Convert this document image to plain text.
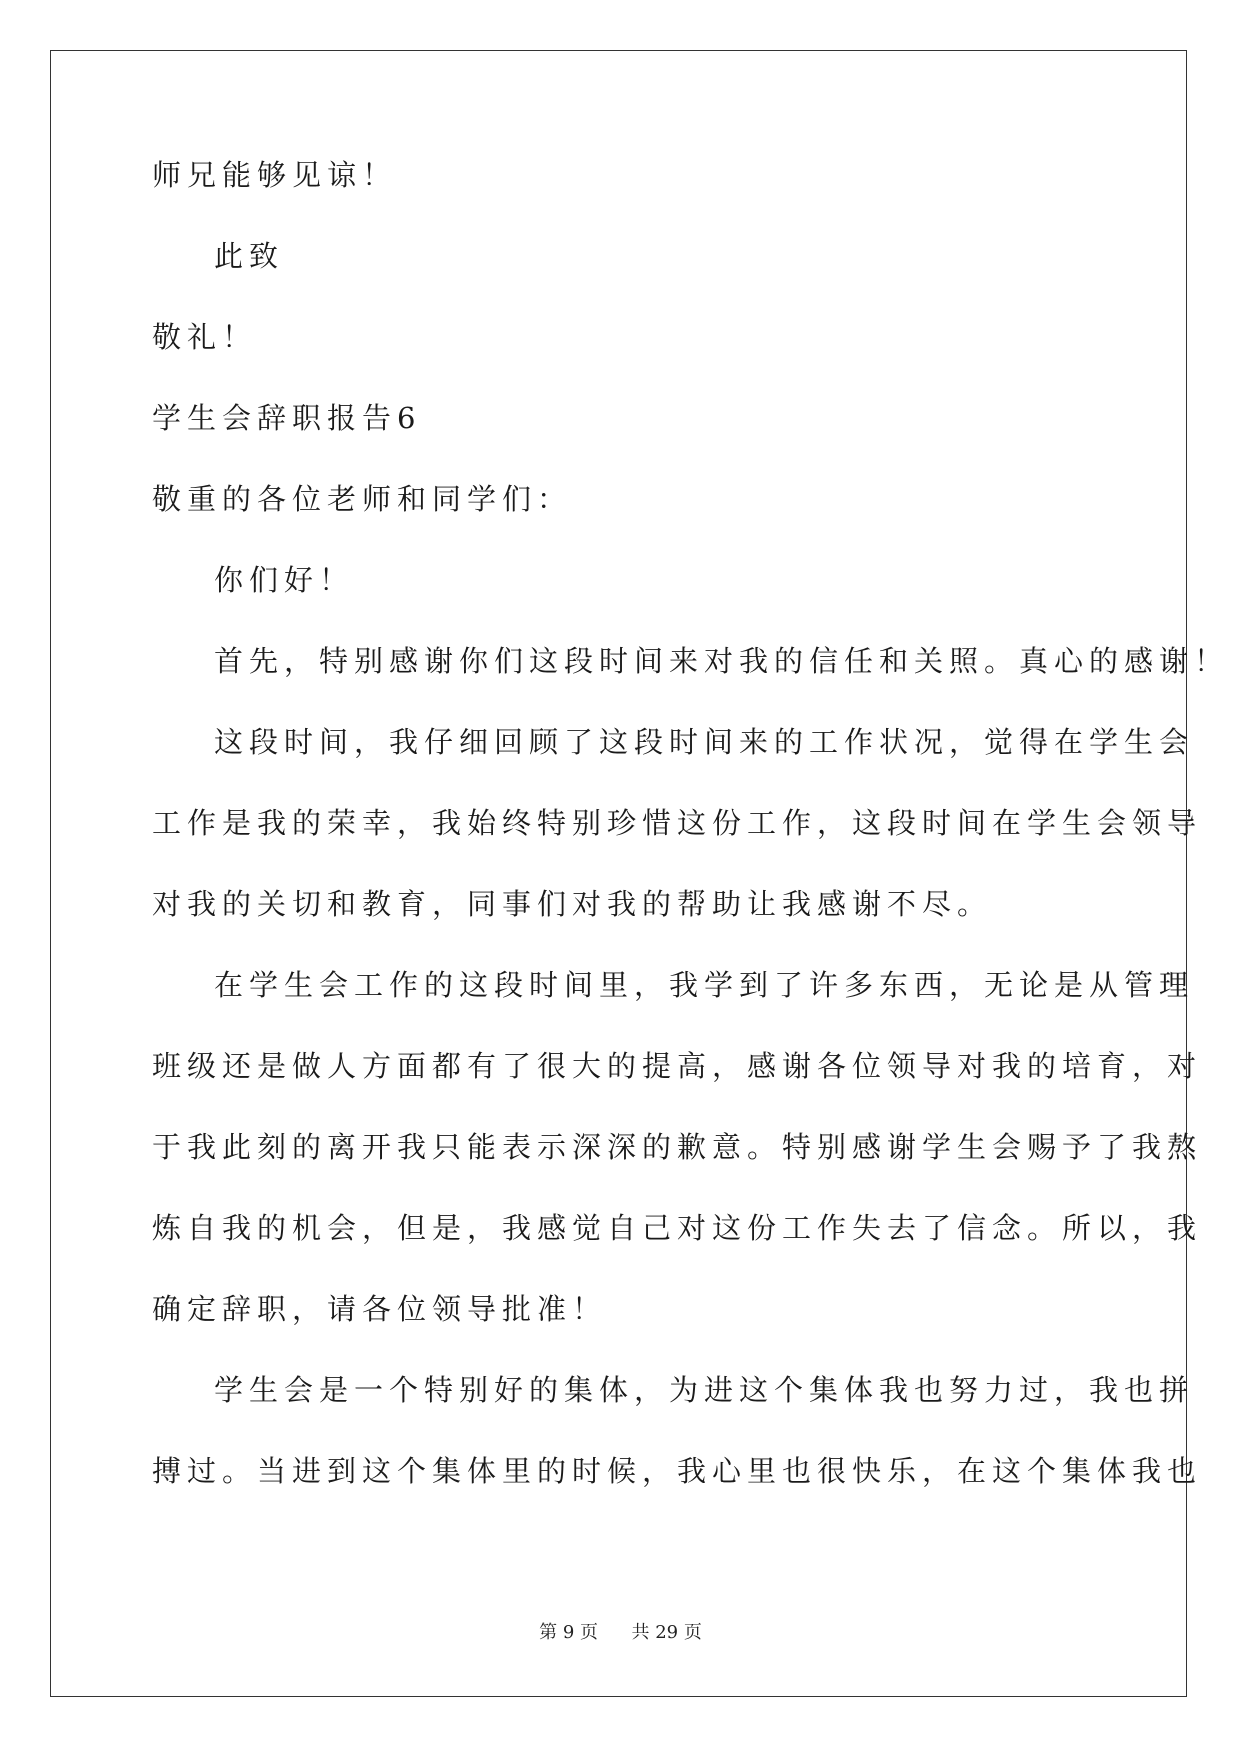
师兄能够见谅！
此致
敬礼！
学生会辞职报告6
敬重的各位老师和同学们：
你们好！
首先，特别感谢你们这段时间来对我的信任和关照。真心的感谢！
这段时间，我仔细回顾了这段时间来的工作状况，觉得在学生会
工作是我的荣幸，我始终特别珍惜这份工作，这段时间在学生会领导
对我的关切和教育，同事们对我的帮助让我感谢不尽。
在学生会工作的这段时间里，我学到了许多东西，无论是从管理
班级还是做人方面都有了很大的提高，感谢各位领导对我的培育，对
于我此刻的离开我只能表示深深的歉意。特别感谢学生会赐予了我熬
炼自我的机会，但是，我感觉自己对这份工作失去了信念。所以，我
确定辞职，请各位领导批准！
学生会是一个特别好的集体，为进这个集体我也努力过，我也拼
搏过。当进到这个集体里的时候，我心里也很快乐，在这个集体我也
第 9 页 共 29 页
